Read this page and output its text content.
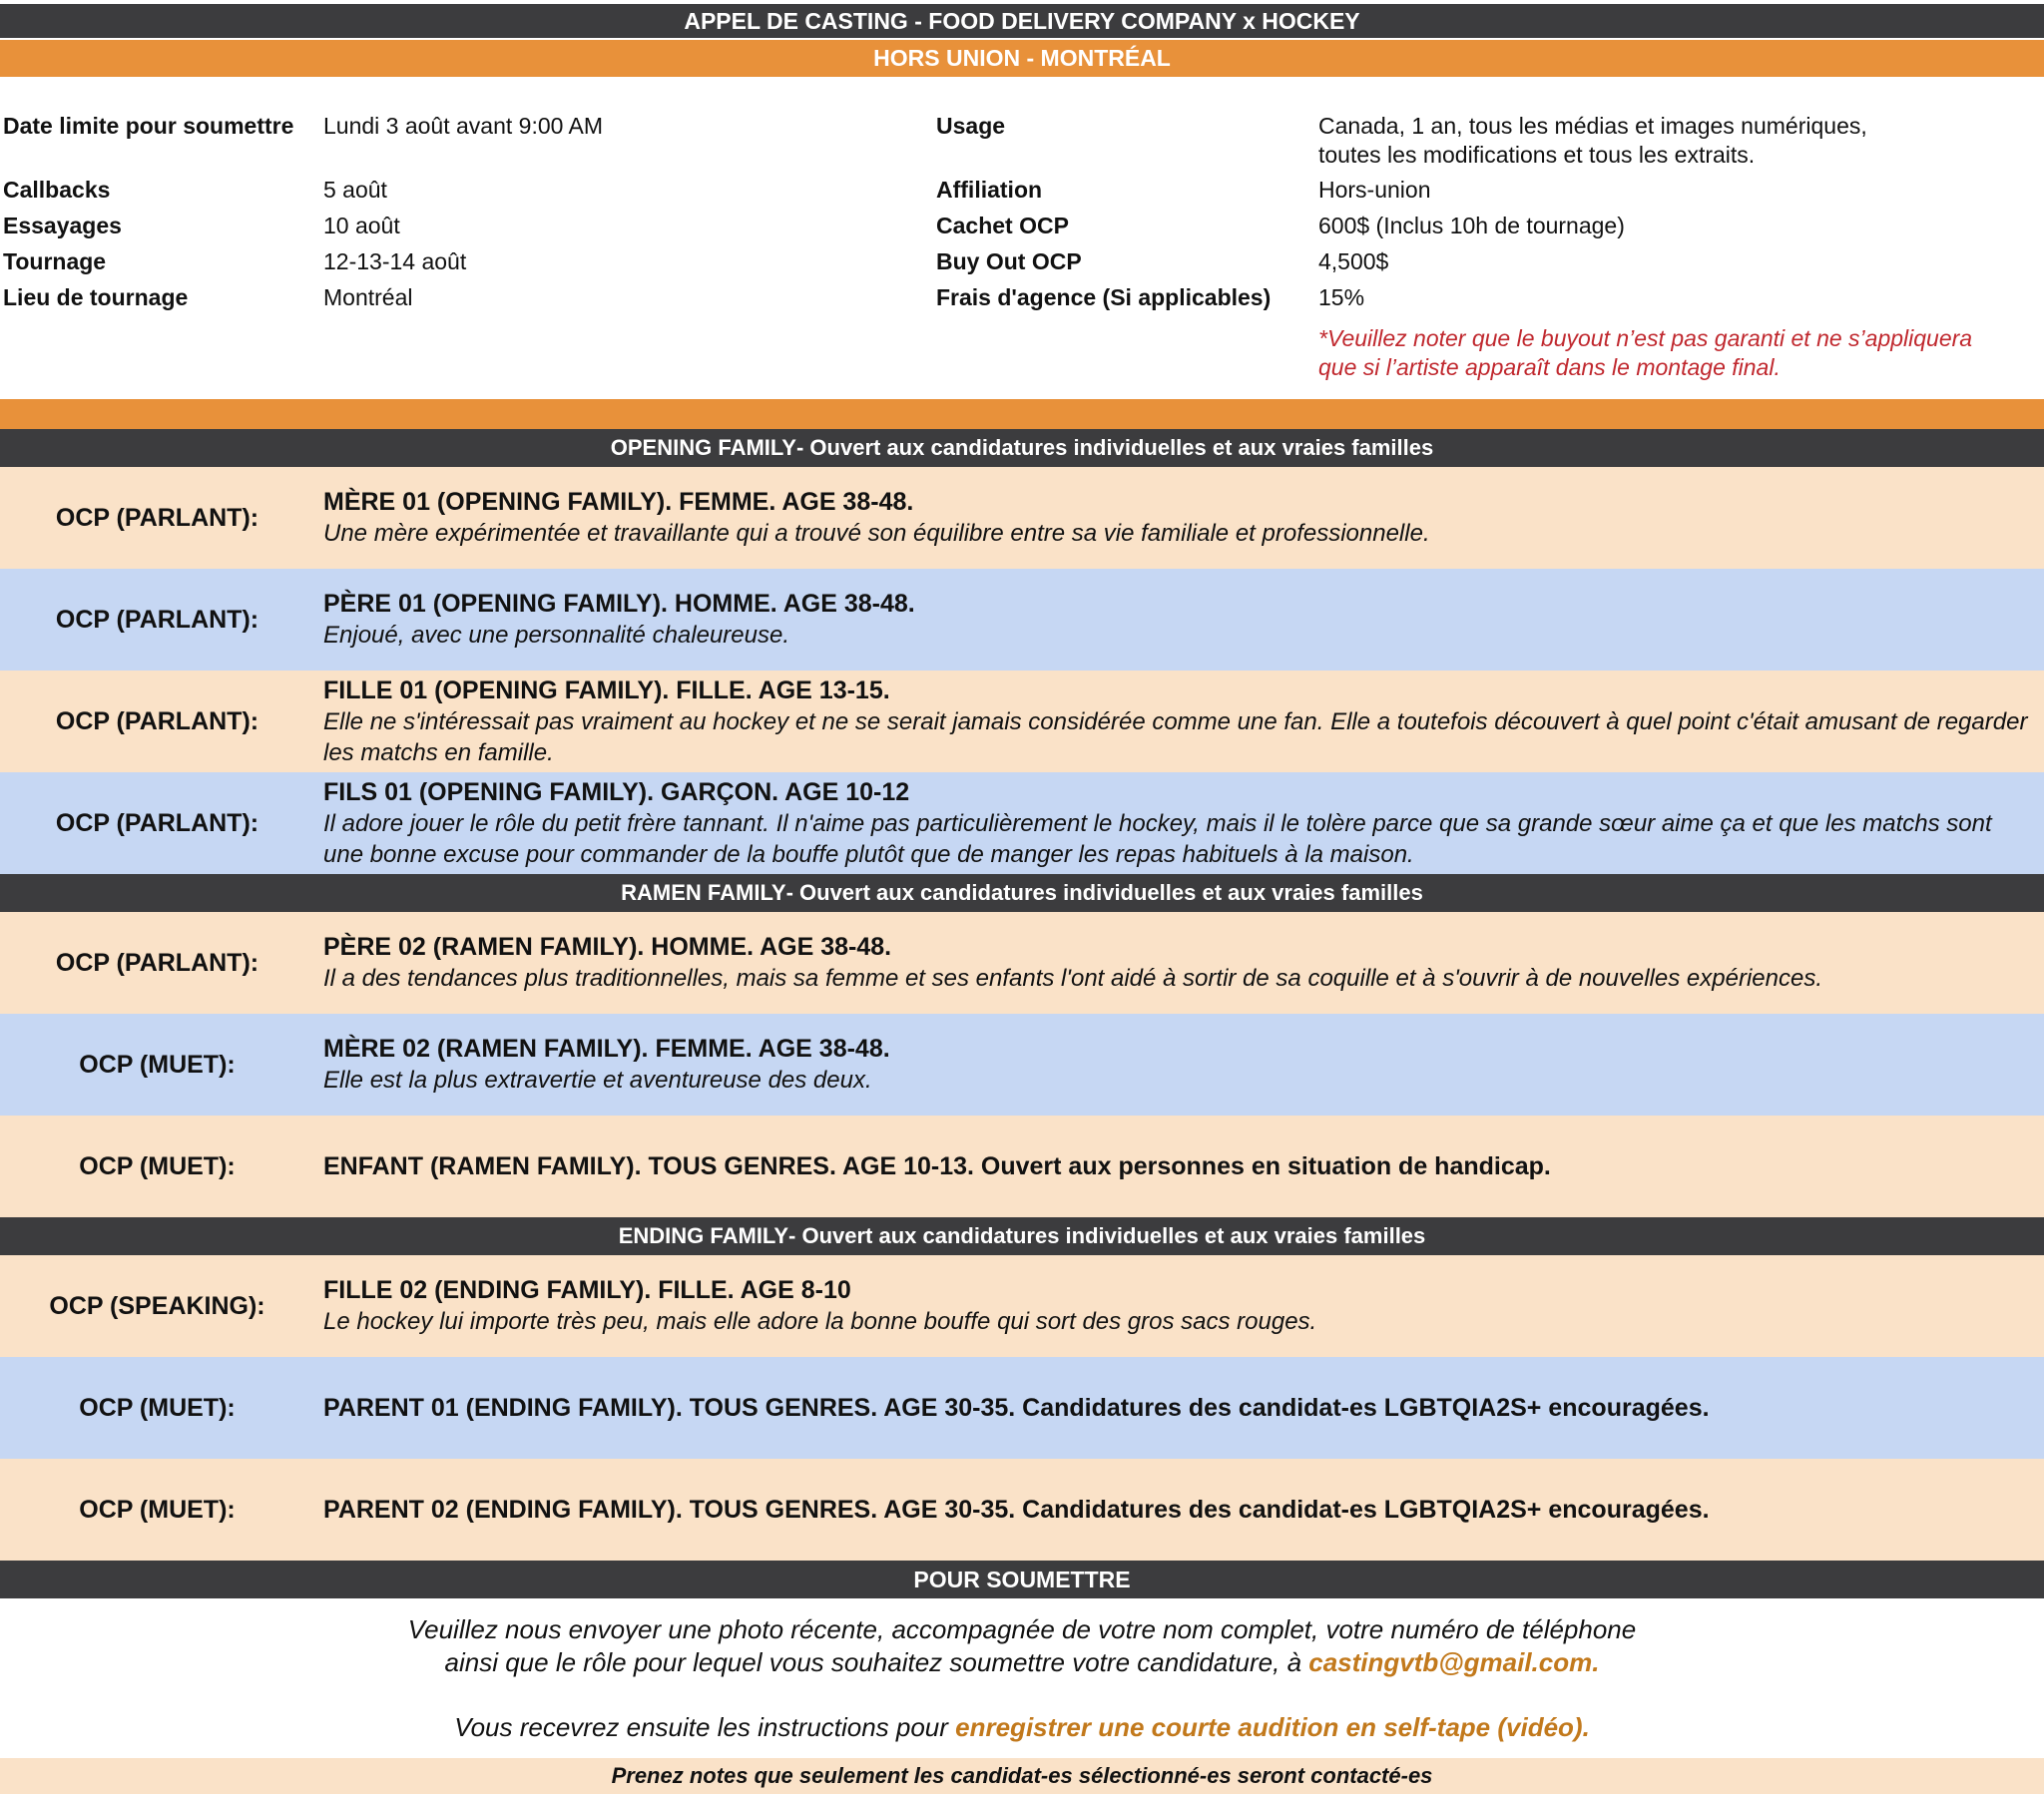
APPEL DE CASTING - FOOD DELIVERY COMPANY x HOCKEY
HORS UNION - MONTRÉAL
Date limite pour soumettre Lundi 3 août avant 9:00 AM
Callbacks	5 août
Essayages	10 août
Tournage	12-13-14 août
Lieu de tournage	Montréal
Usage	Canada, 1 an, tous les médias et images numériques,
toutes les modifications et tous les extraits.
Affiliation	Hors-union
Cachet OCP	600$ (Inclus 10h de tournage)
Buy Out OCP	4,500$
Frais d'agence (Si applicables) 15%
*Veuillez noter que le buyout n’est pas garanti et ne s’appliquera
que si l’artiste apparaît dans le montage final.
OPENING FAMILY - Ouvert aux candidatures individuelles et aux vraies familles
OCP (PARLANT):
MÈRE 01 (OPENING FAMILY). FEMME. AGE 38-48.
Une mère expérimentée et travaillante qui a trouvé son équilibre entre sa vie familiale et professionnelle.
OCP (PARLANT):
PÈRE 01 (OPENING FAMILY). HOMME. AGE 38-48.
Enjoué, avec une personnalité chaleureuse.
OCP (PARLANT):
FILLE 01 (OPENING FAMILY). FILLE. AGE 13-15.
Elle ne s'intéressait pas vraiment au hockey et ne se serait jamais considérée comme une fan. Elle a toutefois découvert à quel point c'était amusant de regarder les matchs en famille.
OCP (PARLANT):
FILS 01 (OPENING FAMILY). GARÇON. AGE 10-12
Il adore jouer le rôle du petit frère tannant. Il n'aime pas particulièrement le hockey, mais il le tolère parce que sa grande sœur aime ça et que les matchs sont une bonne excuse pour commander de la bouffe plutôt que de manger les repas habituels à la maison.
RAMEN FAMILY - Ouvert aux candidatures individuelles et aux vraies familles
OCP (PARLANT):
PÈRE 02 (RAMEN FAMILY). HOMME. AGE 38-48.
Il a des tendances plus traditionnelles, mais sa femme et ses enfants l'ont aidé à sortir de sa coquille et à s'ouvrir à de nouvelles expériences.
OCP (MUET):
MÈRE 02 (RAMEN FAMILY). FEMME. AGE 38-48.
Elle est la plus extravertie et aventureuse des deux.
OCP (MUET):	ENFANT (RAMEN FAMILY). TOUS GENRES. AGE 10-13. Ouvert aux personnes en situation de handicap.
ENDING FAMILY - Ouvert aux candidatures individuelles et aux vraies familles
OCP (SPEAKING):
FILLE 02 (ENDING FAMILY). FILLE. AGE 8-10
Le hockey lui importe très peu, mais elle adore la bonne bouffe qui sort des gros sacs rouges.
OCP (MUET):	PARENT 01 (ENDING FAMILY). TOUS GENRES. AGE 30-35. Candidatures des candidat-es LGBTQIA2S+ encouragées.
OCP (MUET):	PARENT 02 (ENDING FAMILY). TOUS GENRES. AGE 30-35. Candidatures des candidat-es LGBTQIA2S+ encouragées.
POUR SOUMETTRE
Veuillez nous envoyer une photo récente, accompagnée de votre nom complet, votre numéro de téléphone
ainsi que le rôle pour lequel vous souhaitez soumettre votre candidature, à castingvtb@gmail.com.
Vous recevrez ensuite les instructions pour enregistrer une courte audition en self-tape (vidéo).
Prenez notes que seulement les candidat-es sélectionné-es seront contacté-es
